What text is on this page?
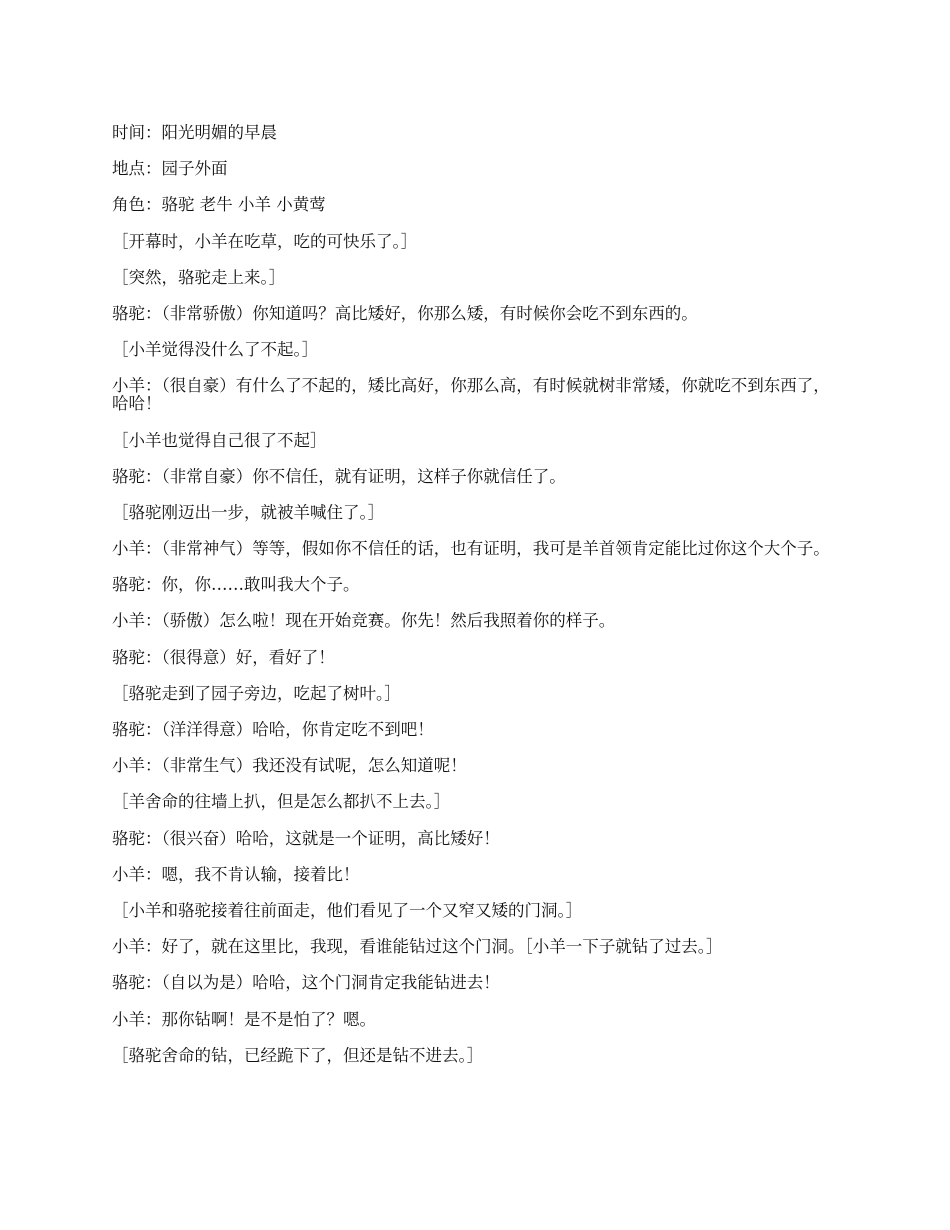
时间：阳光明媚的早晨

地点：园子外面

角色：骆驼 老牛 小羊 小黄莺

［开幕时，小羊在吃草，吃的可快乐了。］

［突然，骆驼走上来。］

骆驼：（非常骄傲）你知道吗？高比矮好，你那么矮，有时候你会吃不到东西的。

［小羊觉得没什么了不起。］

小羊：（很自豪）有什么了不起的，矮比高好，你那么高，有时候就树非常矮，你就吃不到东西了，哈哈！

［小羊也觉得自己很了不起］

骆驼：（非常自豪）你不信任，就有证明，这样子你就信任了。

［骆驼刚迈出一步，就被羊喊住了。］

小羊：（非常神气）等等，假如你不信任的话，也有证明，我可是羊首领肯定能比过你这个大个子。

骆驼：你，你……敢叫我大个子。

小羊：（骄傲）怎么啦！现在开始竞赛。你先！然后我照着你的样子。

骆驼：（很得意）好，看好了！

［骆驼走到了园子旁边，吃起了树叶。］

骆驼：（洋洋得意）哈哈，你肯定吃不到吧！

小羊：（非常生气）我还没有试呢，怎么知道呢！

［羊舍命的往墙上扒，但是怎么都扒不上去。］

骆驼：（很兴奋）哈哈，这就是一个证明，高比矮好！

小羊：嗯，我不肯认输，接着比！

［小羊和骆驼接着往前面走，他们看见了一个又窄又矮的门洞。］

小羊：好了，就在这里比，我现，看谁能钻过这个门洞。［小羊一下子就钻了过去。］

骆驼：（自以为是）哈哈，这个门洞肯定我能钻进去！

小羊：那你钻啊！是不是怕了？嗯。

［骆驼舍命的钻，已经跪下了，但还是钻不进去。］
